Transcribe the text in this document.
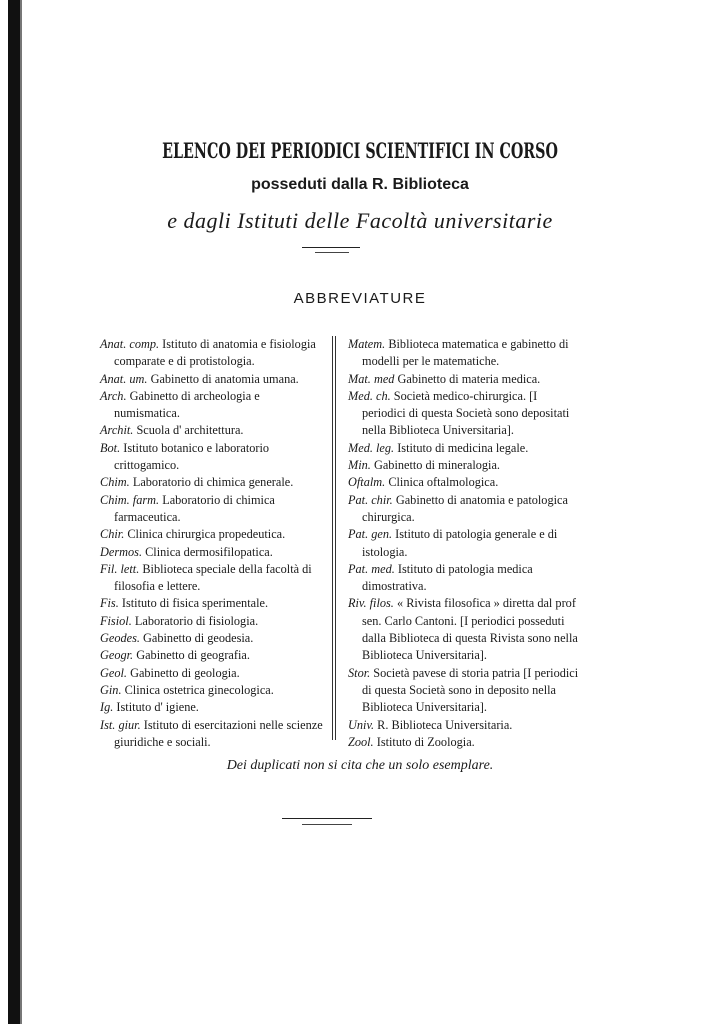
ELENCO DEI PERIODICI SCIENTIFICI IN CORSO
posseduti dalla R. Biblioteca
e dagli Istituti delle Facoltà universitarie
ABBREVIATURE

Anat. comp. Istituto di anatomia e fisiologia comparate e di protistologia.

Anat. um. Gabinetto di anatomia umana.

Arch. Gabinetto di archeologia e numismatica.

Archit. Scuola d' architettura.

Bot. Istituto botanico e laboratorio crittogamico.

Chim. Laboratorio di chimica generale.

Chim. farm. Laboratorio di chimica farmaceutica.

Chir. Clinica chirurgica propedeutica.

Dermos. Clinica dermosifilopatica.

Fil. lett. Biblioteca speciale della facoltà di filosofia e lettere.

Fis. Istituto di fisica sperimentale.

Fisiol. Laboratorio di fisiologia.

Geodes. Gabinetto di geodesia.

Geogr. Gabinetto di geografia.

Geol. Gabinetto di geologia.

Gin. Clinica ostetrica ginecologica.

Ig. Istituto d' igiene.

Ist. giur. Istituto di esercitazioni nelle scienze giuridiche e sociali.

Matem. Biblioteca matematica e gabinetto di modelli per le matematiche.

Mat. med Gabinetto di materia medica.

Med. ch. Società medico-chirurgica. [I periodici di questa Società sono depositati nella Biblioteca Universitaria].

Med. leg. Istituto di medicina legale.

Min. Gabinetto di mineralogia.

Oftalm. Clinica oftalmologica.

Pat. chir. Gabinetto di anatomia e patologica chirurgica.

Pat. gen. Istituto di patologia generale e di istologia.

Pat. med. Istituto di patologia medica dimostrativa.

Riv. filos. « Rivista filosofica » diretta dal prof sen. Carlo Cantoni. [I periodici posseduti dalla Biblioteca di questa Rivista sono nella Biblioteca Universitaria].

Stor. Società pavese di storia patria [I periodici di questa Società sono in deposito nella Biblioteca Universitaria].

Univ. R. Biblioteca Universitaria.

Zool. Istituto di Zoologia.

Dei duplicati non si cita che un solo esemplare.
